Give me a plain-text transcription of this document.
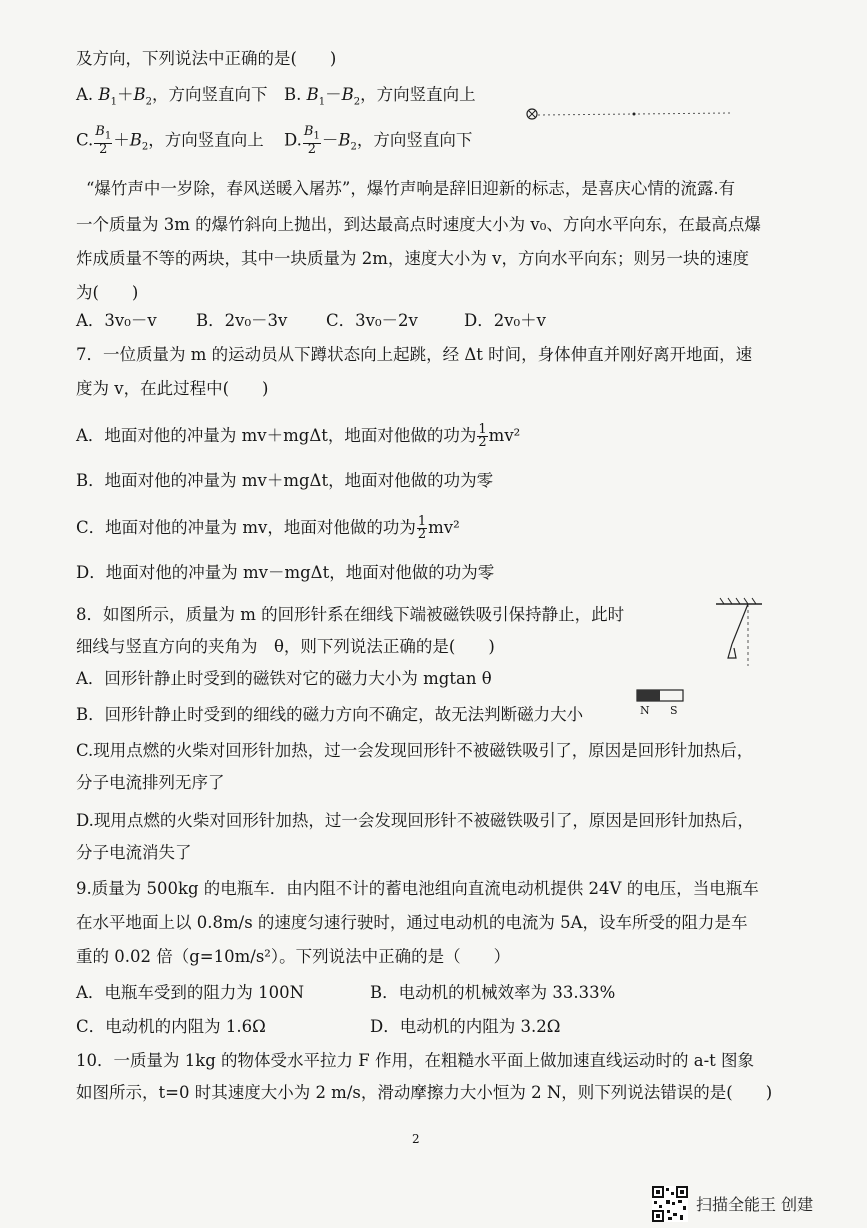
及方向，下列说法中正确的是(　　)
A. $B_1+B_2$，方向竖直向下 B. $B_1-B_2$，方向竖直向上
C. $\frac{B_1}{2} +B_2$，方向竖直向上 D. $\frac{B_1}{2} -B_2$，方向竖直向下
“爆竹声中一岁除，春风送暖入屠苏”，爆竹声响是辞旧迎新的标志，是喜庆心情的流露.有
一个质量为 3m 的爆竹斜向上抛出，到达最高点时速度大小为 v₀、方向水平向东，在最高点爆
炸成质量不等的两块，其中一块质量为 2m，速度大小为 v，方向水平向东；则另一块的速度
为(　　)
A．3v₀－v B．2v₀－3v C．3v₀－2v	D．2v₀＋v
7．一位质量为 m 的运动员从下蹲状态向上起跳，经 Δt 时间，身体伸直并刚好离开地面，速
度为 v，在此过程中(　　)
A．地面对他的冲量为 mv＋mgΔt，地面对他做的功为 $\frac{1}{2} mv^2$
B．地面对他的冲量为 mv＋mgΔt，地面对他做的功为零
C．地面对他的冲量为 mv，地面对他做的功为 $\frac{1}{2} mv^2$
D．地面对他的冲量为 mv－mgΔt，地面对他做的功为零
8．如图所示，质量为 m 的回形针系在细线下端被磁铁吸引保持静止，此时
细线与竖直方向的夹角为　θ，则下列说法正确的是(　　)
A．回形针静止时受到的磁铁对它的磁力大小为 mgtan θ
B．回形针静止时受到的细线的磁力方向不确定，故无法判断磁力大小
C.现用点燃的火柴对回形针加热，过一会发现回形针不被磁铁吸引了，原因是回形针加热后，
分子电流排列无序了
D.现用点燃的火柴对回形针加热，过一会发现回形针不被磁铁吸引了，原因是回形针加热后，
分子电流消失了
N S
9.质量为 500kg 的电瓶车．由内阻不计的蓄电池组向直流电动机提供 24V 的电压，当电瓶车
在水平地面上以 0.8m/s 的速度匀速行驶时，通过电动机的电流为 5A，设车所受的阻力是车
重的 0.02 倍（g=10m/s²）。下列说法中正确的是（　　）
A．电瓶车受到的阻力为 100N	B．电动机的机械效率为 33.33%
C．电动机的内阻为 1.6Ω	D．电动机的内阻为 3.2Ω
10．一质量为 1kg 的物体受水平拉力 F 作用，在粗糙水平面上做加速直线运动时的 a-t 图象
如图所示，t=0 时其速度大小为 2 m/s，滑动摩擦力大小恒为 2 N，则下列说法错误的是(　　)
2
扫描全能王 创建
